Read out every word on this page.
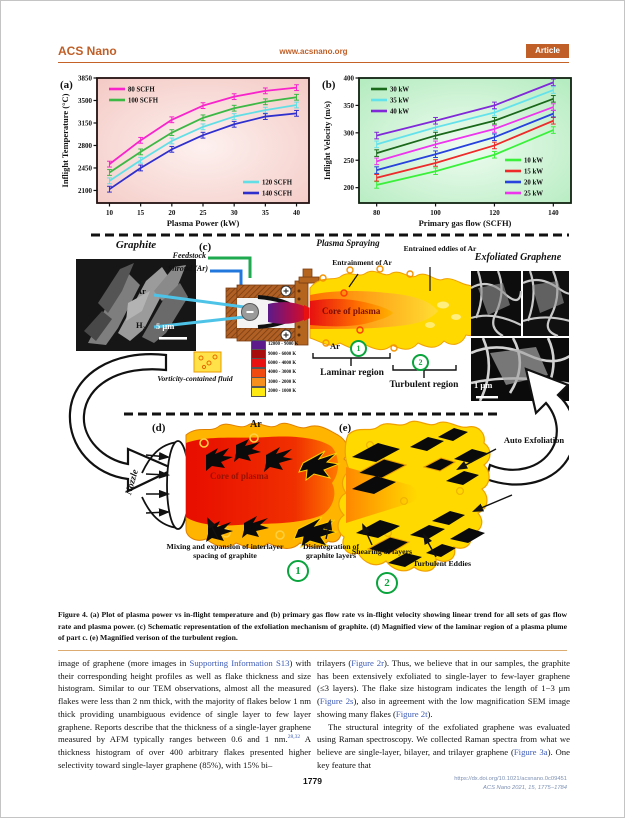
ACS Nano	www.acsnano.org	Article
2100
2450
2800
3150
3500
3850
10	15	20	25	30	35	40
80 SCFH
100 SCFH
120 SCFH
140 SCFH
Plasma Power (kW)
Inflight Temperature (°C)
(a)
200
250
300
350
400
80	100	120	140
30 kW
35 kW
40 kW
10 kW
15 kW
20 kW
25 kW
Primary gas flow (SCFH)
Inflight Velocity (m/s)
(b)
Graphite
5 μm
(c)	Plasma Spraying
Feedstock
Shroud (Ar)
Ar
H₂
Entrainment of Ar
Entrained eddies of Ar
Core of plasma
Ar	1
Laminar region
2
Turbulent region
Vorticity-contained fluid
12000 - 9000 K
9000 - 6000 K
6000 - 4000 K
4000 - 3000 K
3000 - 2000 K
2000 - 1000 K
Exfoliated Graphene
1 μm
(d)	Ar
Nozzle	Core of plasma
Mixing and expansion of interlayer spacing of graphite
Disintegration of graphite layers
1
(e)
Auto Exfoliation
Shearing of layers
Turbulent Eddies
2
Figure 4. (a) Plot of plasma power vs in-flight temperature and (b) primary gas flow rate vs in-flight velocity showing linear trend for all sets of gas flow rate and plasma power. (c) Schematic representation of the exfoliation mechanism of graphite. (d) Magnified view of the laminar region of a plasma plume of part c. (e) Magnified verison of the turbulent region.

image of graphene (more images in Supporting Information S13) with their corresponding height profiles as well as flake thickness and size histogram. Similar to our TEM observations, almost all the measured flakes were less than 2 nm thick, with the majority of flakes below 1 nm thick providing unambiguous evidence of single layer to few layer graphene. Reports describe that the thickness of a single-layer graphene measured by AFM typically ranges between 0.6 and 1 nm.$^{28,32}$ A thickness histogram of over 400 arbitrary flakes presented higher selectivity toward single-layer graphene (85%), with 15% bi–

trilayers (Figure 2r). Thus, we believe that in our samples, the graphite has been extensively exfoliated to single-layer to few-layer graphene (≤3 layers). The flake size histogram indicates the length of 1−3 μm (Figure 2s), also in agreement with the low magnification SEM image showing many flakes (Figure 2t).

The structural integrity of the exfoliated graphene was evaluated using Raman spectroscopy. We collected Raman spectra from what we believe are single-layer, bilayer, and trilayer graphene (Figure 3a). One key feature that

1779	https://dx.doi.org/10.1021/acsnano.0c09451
ACS Nano 2021, 15, 1775−1784
